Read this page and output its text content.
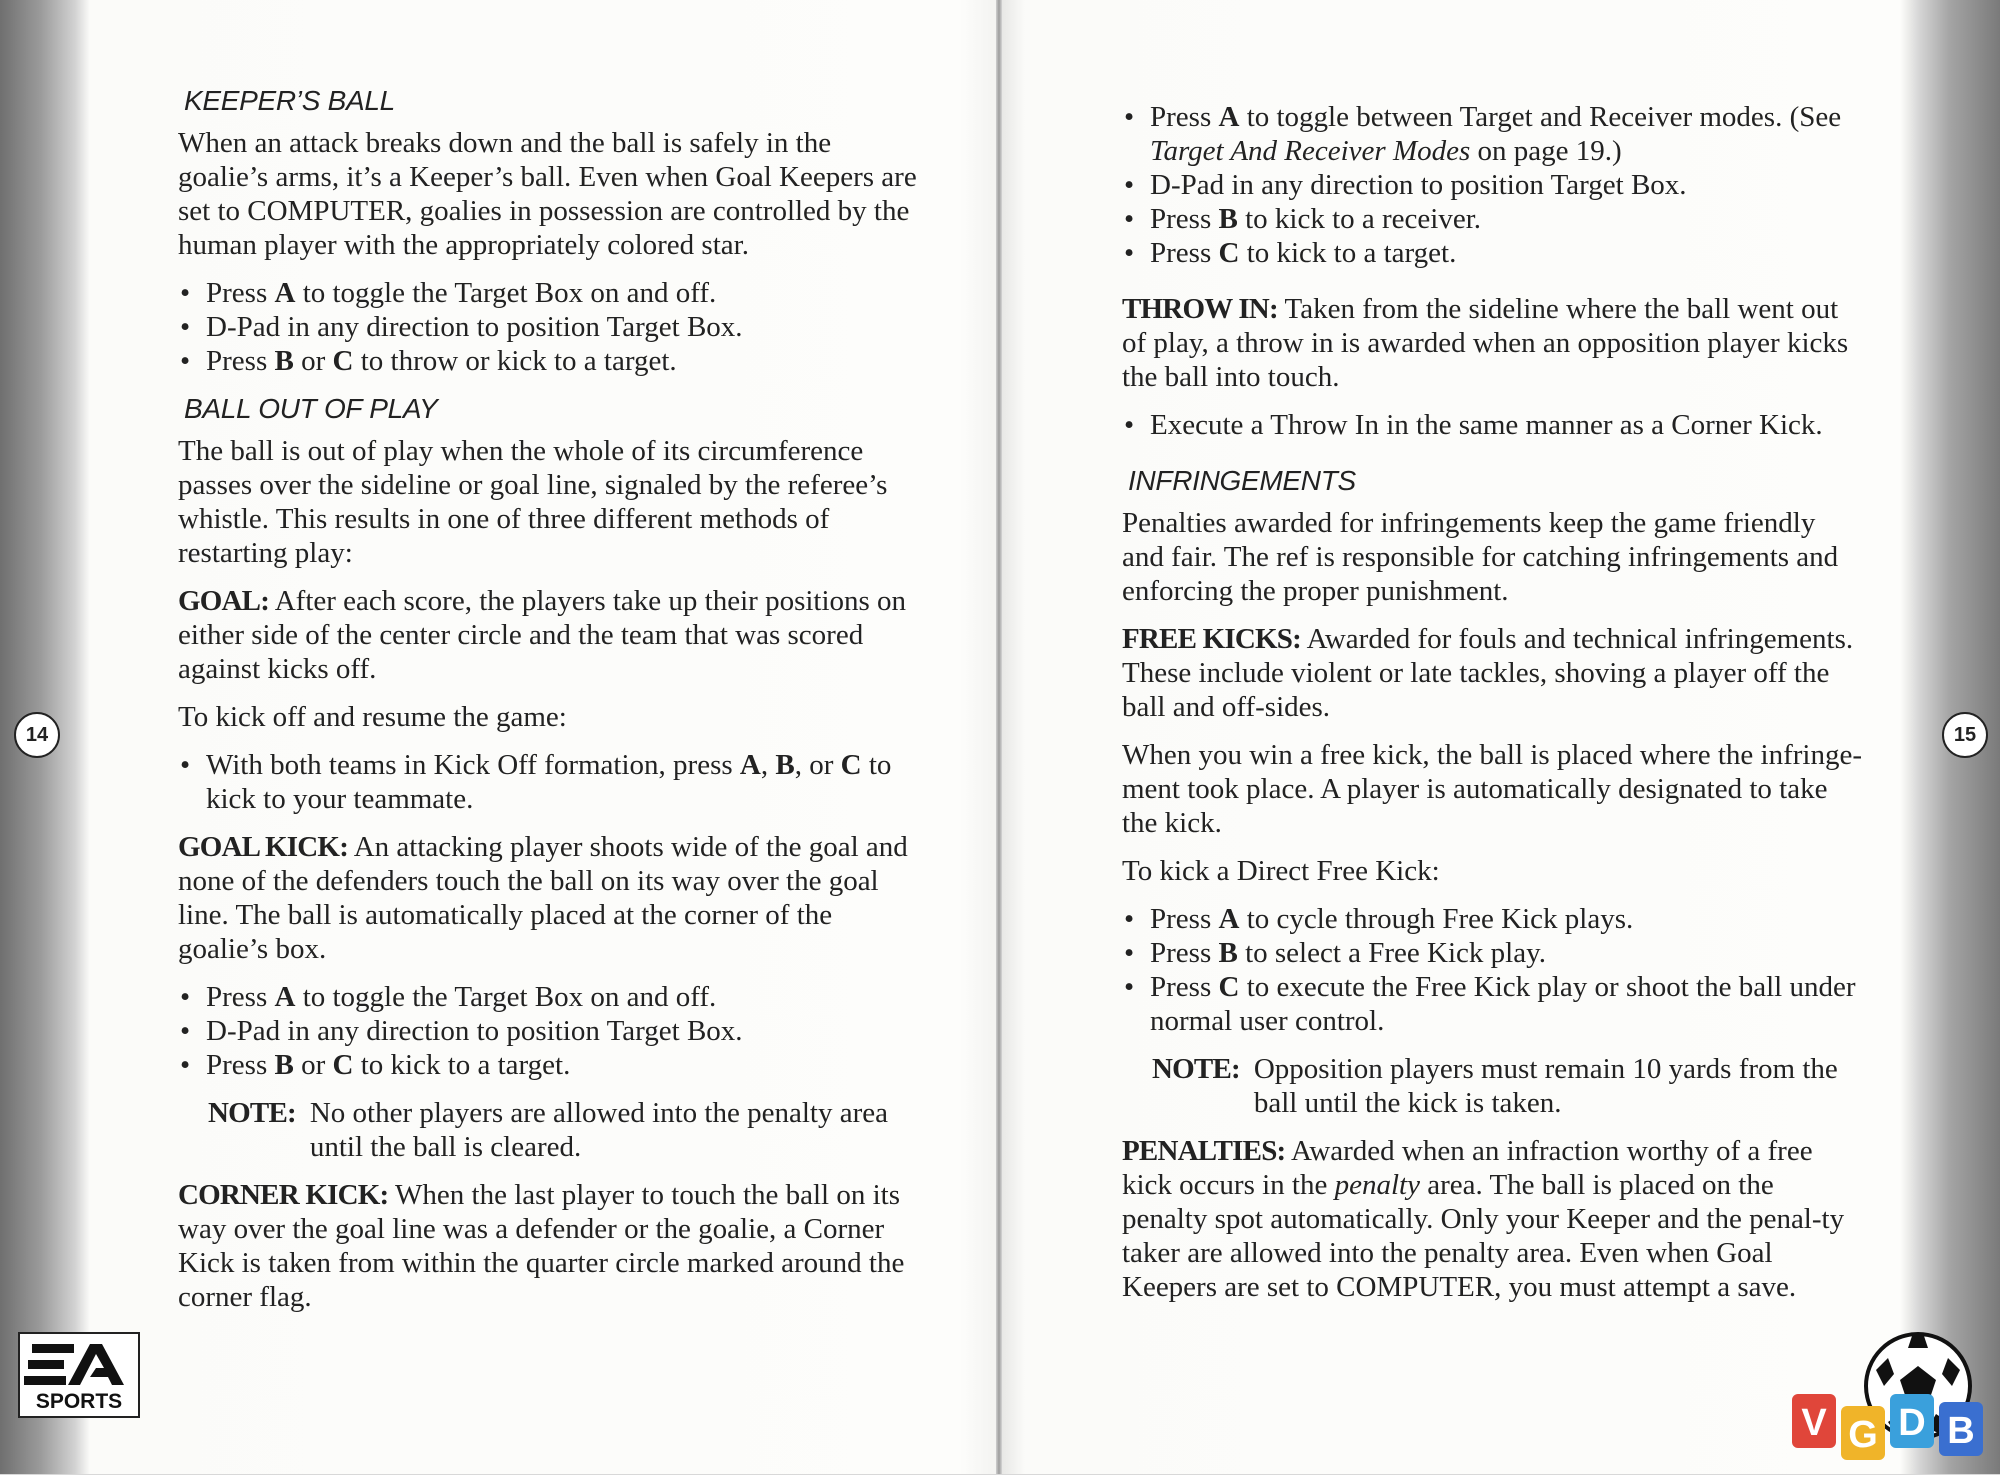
KEEPER’S BALL

When an attack breaks down and the ball is safely in the goalie’s arms, it’s a Keeper’s ball. Even when Goal Keepers are set to COMPUTER, goalies in possession are controlled by the human player with the appropriately colored star.

• Press A to toggle the Target Box on and off.
• D-Pad in any direction to position Target Box.
• Press B or C to throw or kick to a target.
BALL OUT OF PLAY

The ball is out of play when the whole of its circumference passes over the sideline or goal line, signaled by the referee’s whistle. This results in one of three different methods of restarting play:

GOAL: After each score, the players take up their positions on either side of the center circle and the team that was scored against kicks off.

To kick off and resume the game:

• With both teams in Kick Off formation, press A, B, or C to kick to your teammate.

GOAL KICK: An attacking player shoots wide of the goal and none of the defenders touch the ball on its way over the goal line. The ball is automatically placed at the corner of the goalie’s box.

• Press A to toggle the Target Box on and off.
• D-Pad in any direction to position Target Box.
• Press B or C to kick to a target.
NOTE: No other players are allowed into the penalty area until the ball is cleared.

CORNER KICK: When the last player to touch the ball on its way over the goal line was a defender or the goalie, a Corner Kick is taken from within the quarter circle marked around the corner flag.

• Press A to toggle between Target and Receiver modes. (See Target And Receiver Modes on page 19.)
• D-Pad in any direction to position Target Box.
• Press B to kick to a receiver.
• Press C to kick to a target.

THROW IN: Taken from the sideline where the ball went out of play, a throw in is awarded when an opposition player kicks the ball into touch.

• Execute a Throw In in the same manner as a Corner Kick.
INFRINGEMENTS

Penalties awarded for infringements keep the game friendly and fair. The ref is responsible for catching infringements and enforcing the proper punishment.

FREE KICKS: Awarded for fouls and technical infringements. These include violent or late tackles, shoving a player off the ball and off-sides.

When you win a free kick, the ball is placed where the infringe-ment took place. A player is automatically designated to take the kick.

To kick a Direct Free Kick:

• Press A to cycle through Free Kick plays.
• Press B to select a Free Kick play.
• Press C to execute the Free Kick play or shoot the ball under normal user control.
NOTE: Opposition players must remain 10 yards from the ball until the kick is taken.

PENALTIES: Awarded when an infraction worthy of a free kick occurs in the penalty area. The ball is placed on the penalty spot automatically. Only your Keeper and the penal-ty taker are allowed into the penalty area. Even when Goal Keepers are set to COMPUTER, you must attempt a save.

14	15
SPORTS
V G D B
